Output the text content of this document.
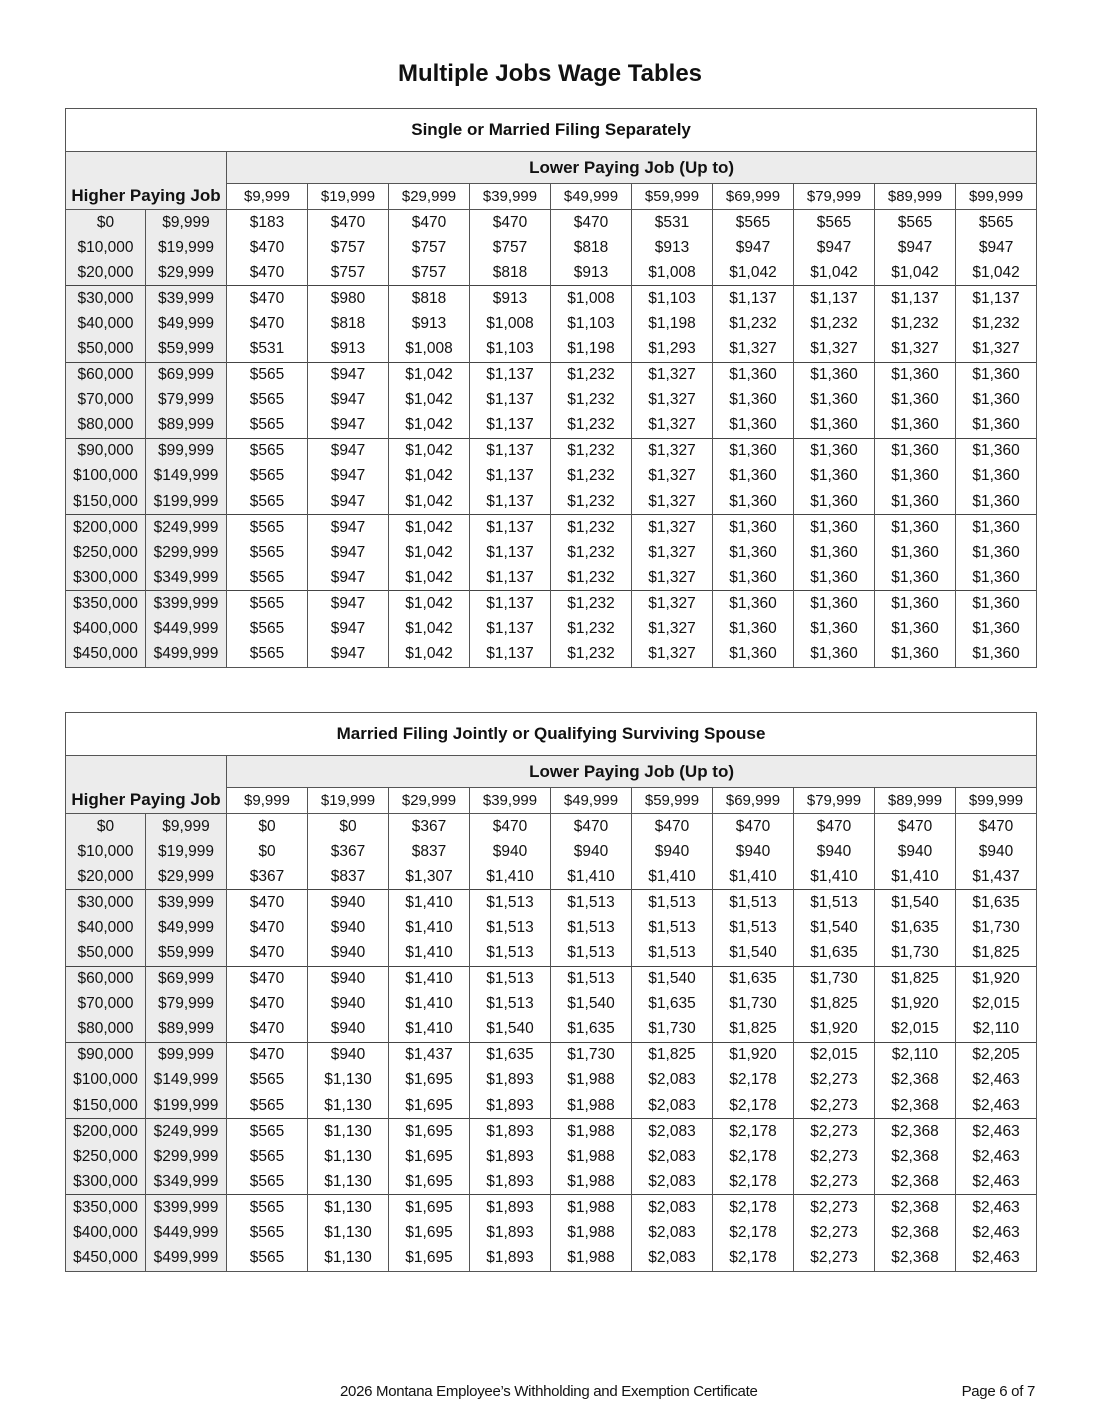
Multiple Jobs Wage Tables
Single or Married Filing Separately											
		Lower Paying Job (Up to)									
Higher Paying Job		$9,999	$19,999	$29,999	$39,999	$49,999	$59,999	$69,999	$79,999	$89,999	$99,999
$0	$9,999	$183	$470	$470	$470	$470	$531	$565	$565	$565	$565
$10,000	$19,999	$470	$757	$757	$757	$818	$913	$947	$947	$947	$947
$20,000	$29,999	$470	$757	$757	$818	$913	$1,008	$1,042	$1,042	$1,042	$1,042
$30,000	$39,999	$470	$980	$818	$913	$1,008	$1,103	$1,137	$1,137	$1,137	$1,137
$40,000	$49,999	$470	$818	$913	$1,008	$1,103	$1,198	$1,232	$1,232	$1,232	$1,232
$50,000	$59,999	$531	$913	$1,008	$1,103	$1,198	$1,293	$1,327	$1,327	$1,327	$1,327
$60,000	$69,999	$565	$947	$1,042	$1,137	$1,232	$1,327	$1,360	$1,360	$1,360	$1,360
$70,000	$79,999	$565	$947	$1,042	$1,137	$1,232	$1,327	$1,360	$1,360	$1,360	$1,360
$80,000	$89,999	$565	$947	$1,042	$1,137	$1,232	$1,327	$1,360	$1,360	$1,360	$1,360
$90,000	$99,999	$565	$947	$1,042	$1,137	$1,232	$1,327	$1,360	$1,360	$1,360	$1,360
$100,000	$149,999	$565	$947	$1,042	$1,137	$1,232	$1,327	$1,360	$1,360	$1,360	$1,360
$150,000	$199,999	$565	$947	$1,042	$1,137	$1,232	$1,327	$1,360	$1,360	$1,360	$1,360
$200,000	$249,999	$565	$947	$1,042	$1,137	$1,232	$1,327	$1,360	$1,360	$1,360	$1,360
$250,000	$299,999	$565	$947	$1,042	$1,137	$1,232	$1,327	$1,360	$1,360	$1,360	$1,360
$300,000	$349,999	$565	$947	$1,042	$1,137	$1,232	$1,327	$1,360	$1,360	$1,360	$1,360
$350,000	$399,999	$565	$947	$1,042	$1,137	$1,232	$1,327	$1,360	$1,360	$1,360	$1,360
$400,000	$449,999	$565	$947	$1,042	$1,137	$1,232	$1,327	$1,360	$1,360	$1,360	$1,360
$450,000	$499,999	$565	$947	$1,042	$1,137	$1,232	$1,327	$1,360	$1,360	$1,360	$1,360
Married Filing Jointly or Qualifying Surviving Spouse											
		Lower Paying Job (Up to)									
Higher Paying Job		$9,999	$19,999	$29,999	$39,999	$49,999	$59,999	$69,999	$79,999	$89,999	$99,999
$0	$9,999	$0	$0	$367	$470	$470	$470	$470	$470	$470	$470
$10,000	$19,999	$0	$367	$837	$940	$940	$940	$940	$940	$940	$940
$20,000	$29,999	$367	$837	$1,307	$1,410	$1,410	$1,410	$1,410	$1,410	$1,410	$1,437
$30,000	$39,999	$470	$940	$1,410	$1,513	$1,513	$1,513	$1,513	$1,513	$1,540	$1,635
$40,000	$49,999	$470	$940	$1,410	$1,513	$1,513	$1,513	$1,513	$1,540	$1,635	$1,730
$50,000	$59,999	$470	$940	$1,410	$1,513	$1,513	$1,513	$1,540	$1,635	$1,730	$1,825
$60,000	$69,999	$470	$940	$1,410	$1,513	$1,513	$1,540	$1,635	$1,730	$1,825	$1,920
$70,000	$79,999	$470	$940	$1,410	$1,513	$1,540	$1,635	$1,730	$1,825	$1,920	$2,015
$80,000	$89,999	$470	$940	$1,410	$1,540	$1,635	$1,730	$1,825	$1,920	$2,015	$2,110
$90,000	$99,999	$470	$940	$1,437	$1,635	$1,730	$1,825	$1,920	$2,015	$2,110	$2,205
$100,000	$149,999	$565	$1,130	$1,695	$1,893	$1,988	$2,083	$2,178	$2,273	$2,368	$2,463
$150,000	$199,999	$565	$1,130	$1,695	$1,893	$1,988	$2,083	$2,178	$2,273	$2,368	$2,463
$200,000	$249,999	$565	$1,130	$1,695	$1,893	$1,988	$2,083	$2,178	$2,273	$2,368	$2,463
$250,000	$299,999	$565	$1,130	$1,695	$1,893	$1,988	$2,083	$2,178	$2,273	$2,368	$2,463
$300,000	$349,999	$565	$1,130	$1,695	$1,893	$1,988	$2,083	$2,178	$2,273	$2,368	$2,463
$350,000	$399,999	$565	$1,130	$1,695	$1,893	$1,988	$2,083	$2,178	$2,273	$2,368	$2,463
$400,000	$449,999	$565	$1,130	$1,695	$1,893	$1,988	$2,083	$2,178	$2,273	$2,368	$2,463
$450,000	$499,999	$565	$1,130	$1,695	$1,893	$1,988	$2,083	$2,178	$2,273	$2,368	$2,463
2026 Montana Employee’s Withholding and Exemption Certificate	Page 6 of 7
